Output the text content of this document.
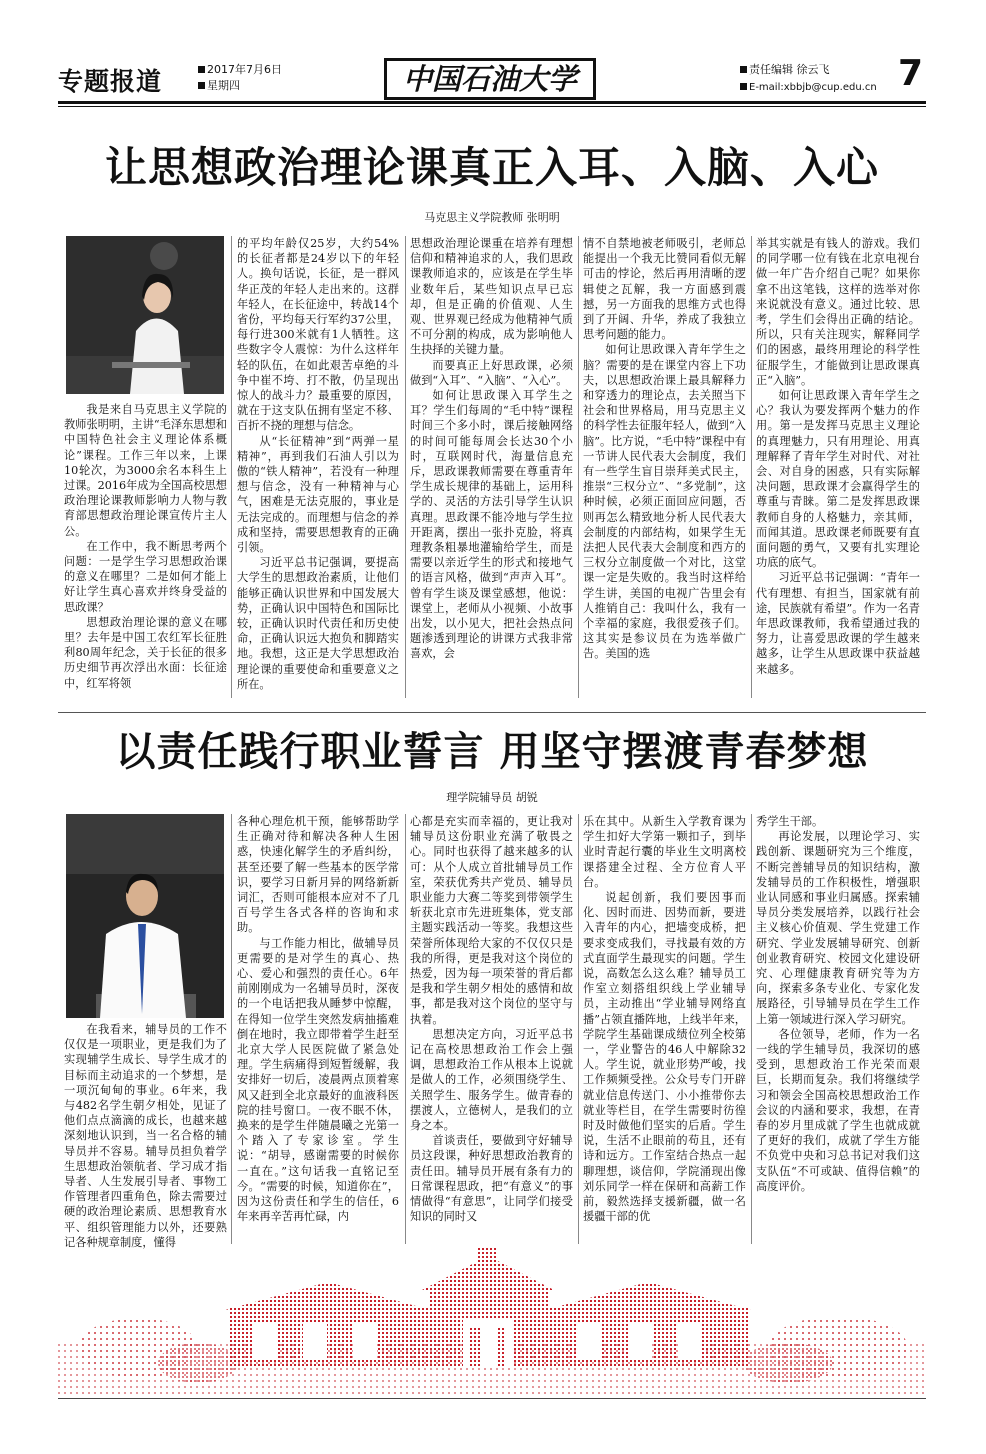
专题报道	2017年7月6日
星期四	中国石油大学	责任编辑 徐云飞
E-mail:xbbjb@cup.edu.cn 7
让思想政治理论课真正入耳、入脑、入心
马克思主义学院教师 张明明

我是来自马克思主义学院的教师张明明，主讲“毛泽东思想和中国特色社会主义理论体系概论”课程。工作三年以来，上课10轮次，为3000余名本科生上过课。2016年成为全国高校思想政治理论课教师影响力人物与教育部思想政治理论课宣传片主人公。

在工作中，我不断思考两个问题：一是学生学习思想政治课的意义在哪里？二是如何才能上好让学生真心喜欢并终身受益的思政课？

思想政治理论课的意义在哪里？去年是中国工农红军长征胜利80周年纪念，关于长征的很多历史细节再次浮出水面：长征途中，红军将领

的平均年龄仅25岁，大约54%的长征者都是24岁以下的年轻人。换句话说，长征，是一群风华正茂的年轻人走出来的。这群年轻人，在长征途中，转战14个省份，平均每天行军约37公里，每行进300米就有1人牺牲。这些数字令人震惊：为什么这样年轻的队伍，在如此艰苦卓绝的斗争中崔不垮、打不散，仍呈现出惊人的战斗力？最重要的原因，就在于这支队伍拥有坚定不移、百折不挠的理想与信念。

从“长征精神”到“两弹一星精神”，再到我们石油人引以为傲的“铁人精神”，若没有一种理想与信念，没有一种精神与心气，困难是无法克服的，事业是无法完成的。而理想与信念的养成和坚持，需要思想教育的正确引领。

习近平总书记强调，要提高大学生的思想政治素质，让他们能够正确认识世界和中国发展大势，正确认识中国特色和国际比较，正确认识时代责任和历史使命，正确认识远大抱负和脚踏实地。我想，这正是大学思想政治理论课的重要使命和重要意义之所在。

思想政治理论课重在培养有理想信仰和精神追求的人，我们思政课教师追求的，应该是在学生毕业数年后，某些知识点早已忘却，但是正确的价值观、人生观、世界观已经成为他精神气质不可分割的构成，成为影响他人生抉择的关键力量。

而要真正上好思政课，必须做到“入耳”、“入脑”、“入心”。

如何让思政课入耳学生之耳？学生们每周的“毛中特”课程时间三个多小时，课后接触网络的时间可能每周会长达30个小时，互联网时代，海量信息充斥，思政课教师需要在尊重青年学生成长规律的基础上，运用科学的、灵活的方法引导学生认识真理。思政课不能冷地与学生拉开距离，摆出一张扑克脸，将真理教条粗暴地灌输给学生，而是需要以亲近学生的形式和接地气的语言风格，做到“声声入耳”。曾有学生谈及课堂感想，他说：课堂上，老师从小视频、小故事出发，以小见大，把社会热点问题渗透到理论的讲课方式我非常喜欢，会

情不自禁地被老师吸引，老师总能提出一个我无比赞同看似无解可击的悖论，然后再用清晰的逻辑使之瓦解，我一方面感到震撼，另一方面我的思维方式也得到了开阔、升华，养成了我独立思考问题的能力。

如何让思政课入青年学生之脑？需要的是在课堂内容上下功夫，以思想政治课上最具解释力和穿透力的理论点，去关照当下社会和世界格局，用马克思主义的科学性去征服年轻人，做到“入脑”。比方说，“毛中特”课程中有一节讲人民代表大会制度，我们有一些学生盲目崇拜美式民主，推崇“三权分立”、“多党制”，这种时候，必须正面回应问题，否则再怎么精致地分析人民代表大会制度的内部结构，如果学生无法把人民代表大会制度和西方的三权分立制度做一个对比，这堂课一定是失败的。我当时这样给学生讲，美国的电视广告里会有人推销自己：我叫什么，我有一个幸福的家庭，我很爱孩子们。这其实是参议员在为选举做广告。美国的选

举其实就是有钱人的游戏。我们的同学哪一位有钱在北京电视台做一年广告介绍自己呢？如果你拿不出这笔钱，这样的选举对你来说就没有意义。通过比较、思考，学生们会得出正确的结论。所以，只有关注现实，解释同学们的困惑，最终用理论的科学性征服学生，才能做到让思政课真正“入脑”。

如何让思政课入青年学生之心？我认为要发挥两个魅力的作用。第一是发挥马克思主义理论的真理魅力，只有用理论、用真理解释了青年学生对时代、对社会、对自身的困惑，只有实际解决问题，思政课才会赢得学生的尊重与青睐。第二是发挥思政课教师自身的人格魅力，亲其师，而闻其道。思政课老师既要有直面问题的勇气，又要有扎实理论功底的底气。

习近平总书记强调：“青年一代有理想、有担当，国家就有前途，民族就有希望”。作为一名青年思政课教师，我希望通过我的努力，让喜爱思政课的学生越来越多，让学生从思政课中获益越来越多。

以责任践行职业誓言 用坚守摆渡青春梦想
理学院辅导员 胡锐

在我看来，辅导员的工作不仅仅是一项职业，更是我们为了实现辅学生成长、导学生成才的目标而主动追求的一个梦想，是一项沉甸甸的事业。6年来，我与482名学生朝夕相处，见证了他们点点滴滴的成长，也越来越深刻地认识到，当一名合格的辅导员并不容易。辅导员担负着学生思想政治领航者、学习成才指导者、人生发展引导者、事物工作管理者四重角色，除去需要过硬的政治理论素质、思想教育水平、组织管理能力以外，还要熟记各种规章制度，懂得

各种心理危机干预，能够帮助学生正确对待和解决各种人生困惑，快速化解学生的矛盾纠纷，甚至还要了解一些基本的医学常识，要学习日新月异的网络新新词汇，否则可能根本应对不了几百号学生各式各样的咨询和求助。

与工作能力相比，做辅导员更需要的是对学生的真心、热心、爱心和强烈的责任心。6年前刚刚成为一名辅导员时，深夜的一个电话把我从睡梦中惊醒，在得知一位学生突然发病抽搐难倒在地时，我立即带着学生赶至北京大学人民医院做了紧急处理。学生病痛得到短暂缓解，我安排好一切后，凌晨两点顶着寒风又赶到全北京最好的血液科医院的挂号窗口。一夜不眠不休，换来的是学生伴随晨曦之光第一个踏入了专家诊室。学生说：“胡导，感谢需要的时候你一直在。”这句话我一直铭记至今。“需要的时候，知道你在”，因为这份责任和学生的信任，6年来再辛苦再忙碌，内

心都是充实而幸福的，更让我对辅导员这份职业充满了敬畏之心。同时也获得了越来越多的认可：从个人成立首批辅导员工作室，荣获优秀共产党员、辅导员职业能力大赛二等奖到带领学生斩获北京市先进班集体，党支部主题实践活动一等奖。我想这些荣誉所体现给大家的不仅仅只是我的所得，更是我对这个岗位的热爱，因为每一项荣誉的背后都是我和学生朝夕相处的感情和故事，都是我对这个岗位的坚守与执着。

思想决定方向，习近平总书记在高校思想政治工作会上强调，思想政治工作从根本上说就是做人的工作，必须围绕学生、关照学生、服务学生。做青春的摆渡人，立德树人，是我们的立身之本。

首谈责任，要做到守好辅导员这段课，种好思想政治教育的责任田。辅导员开展有条有力的日常课程思政，把“有意义”的事情做得“有意思”，让同学们接受知识的同时又

乐在其中。从新生入学教育课为学生扣好大学第一颗扣子，到毕业时青起行囊的毕业生文明离校课搭建全过程、全方位育人平台。

说起创新，我们要因事而化、因时而进、因势而新，要进入青年的内心，把墙变成桥，把要求变成我们，寻找最有效的方式直面学生最现实的问题。学生说，高数怎么这么难？辅导员工作室立刻搭组织线上学业辅导员，主动推出“学业辅导网络直播”占领直播阵地，上线半年来，学院学生基础课成绩位列全校第一，学业警告的46人中解除32人。学生说，就业形势严峻，找工作频频受挫。公众号专门开辟就业信息传送门、小小推带你去就业等栏目，在学生需要时彷徨时及时做他们坚实的后盾。学生说，生活不止眼前的苟且，还有诗和远方。工作室结合热点一起聊理想，谈信仰，学院涌现出像刘乐同学一样在保研和高薪工作前，毅然选择支援新疆，做一名援疆干部的优

秀学生干部。

再论发展，以理论学习、实践创新、课题研究为三个维度，不断完善辅导员的知识结构，激发辅导员的工作积极性，增强职业认同感和事业归属感。探索辅导员分类发展培养，以践行社会主义核心价值观、学生党建工作研究、学业发展辅导研究、创新创业教育研究、校园文化建设研究、心理健康教育研究等为方向，探索多条专业化、专家化发展路径，引导辅导员在学生工作上第一领域进行深入学习研究。

各位领导，老师，作为一名一线的学生辅导员，我深切的感受到，思想政治工作光荣而艰巨，长期而复杂。我们将继续学习和领会全国高校思想政治工作会议的内涵和要求，我想，在青春的岁月里成就了学生也就成就了更好的我们，成就了学生方能不负党中央和习总书记对我们这支队伍“不可或缺、值得信赖”的高度评价。
